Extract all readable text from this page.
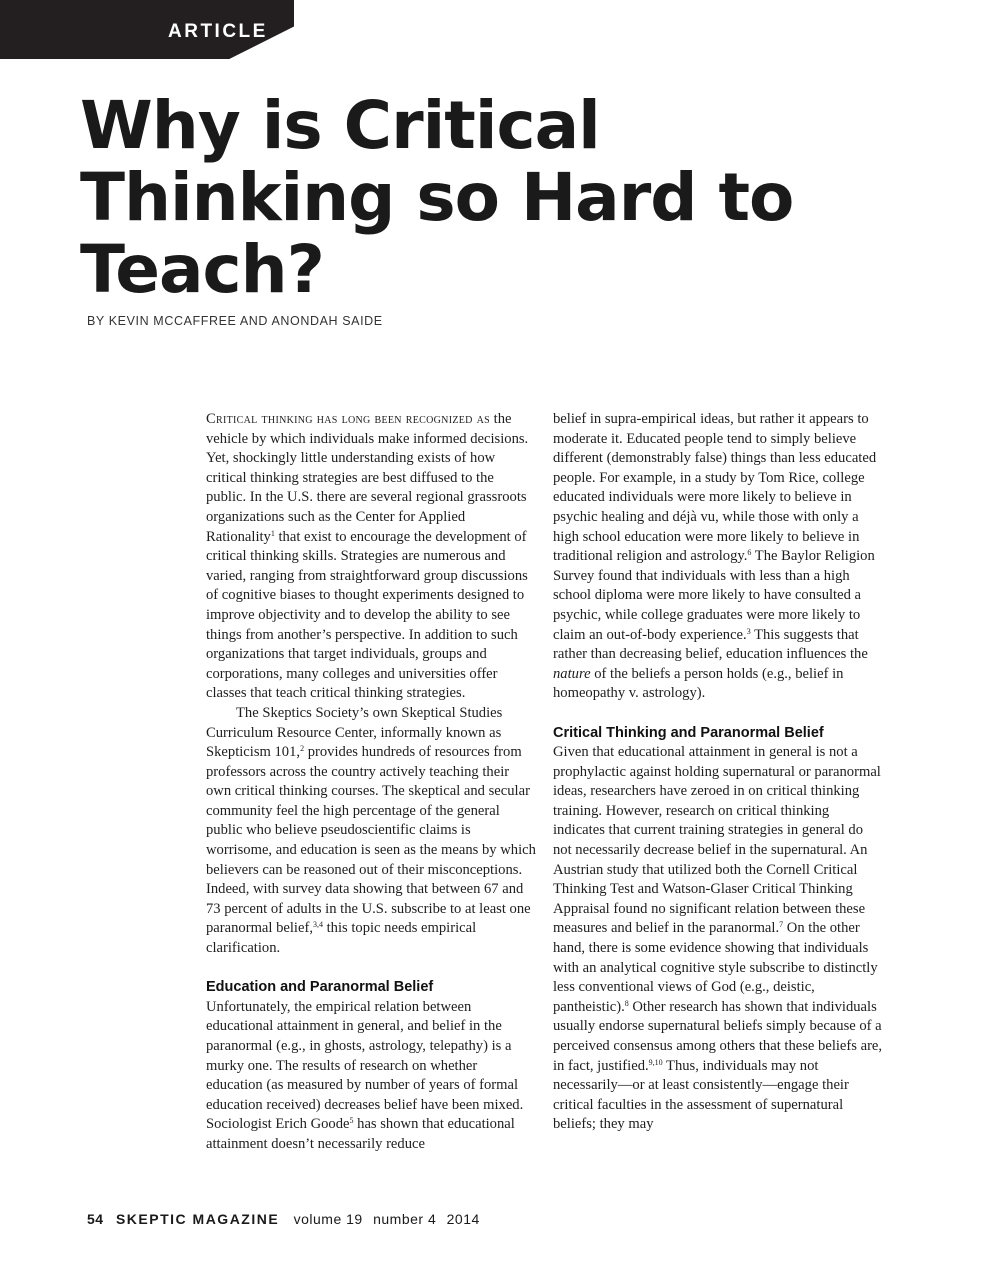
ARTICLE
Why is Critical
Thinking so Hard to
Teach?
BY KEVIN MCCAFFREE AND ANONDAH SAIDE

Critical thinking has long been recognized as the vehicle by which individuals make informed decisions. Yet, shockingly little understanding exists of how critical thinking strategies are best diffused to the public. In the U.S. there are several regional grassroots organizations such as the Center for Applied Rationality$^1$ that exist to encourage the development of critical thinking skills. Strategies are numerous and varied, ranging from straightforward group discussions of cognitive biases to thought experiments designed to improve objectivity and to develop the ability to see things from another’s perspective. In addition to such organizations that target individuals, groups and corporations, many colleges and universities offer classes that teach critical thinking strategies.

The Skeptics Society’s own Skeptical Studies Curriculum Resource Center, informally known as Skepticism 101,$^2$ provides hundreds of resources from professors across the country actively teaching their own critical thinking courses. The skeptical and secular community feel the high percentage of the general public who believe pseudoscientific claims is worrisome, and education is seen as the means by which believers can be reasoned out of their misconceptions. Indeed, with survey data showing that between 67 and 73 percent of adults in the U.S. subscribe to at least one paranormal belief,$^{3,4}$ this topic needs empirical clarification.

Education and Paranormal Belief

Unfortunately, the empirical relation between educational attainment in general, and belief in the paranormal (e.g., in ghosts, astrology, telepathy) is a murky one. The results of research on whether education (as measured by number of years of formal education received) decreases belief have been mixed. Sociologist Erich Goode$^5$ has shown that educational attainment doesn’t necessarily reduce

belief in supra-empirical ideas, but rather it appears to moderate it. Educated people tend to simply believe different (demonstrably false) things than less educated people. For example, in a study by Tom Rice, college educated individuals were more likely to believe in psychic healing and déjà vu, while those with only a high school education were more likely to believe in traditional religion and astrology.$^6$ The Baylor Religion Survey found that individuals with less than a high school diploma were more likely to have consulted a psychic, while college graduates were more likely to claim an out-of-body experience.$^3$ This suggests that rather than decreasing belief, education influences the nature of the beliefs a person holds (e.g., belief in homeopathy v. astrology).

Critical Thinking and Paranormal Belief

Given that educational attainment in general is not a prophylactic against holding supernatural or paranormal ideas, researchers have zeroed in on critical thinking training. However, research on critical thinking indicates that current training strategies in general do not necessarily decrease belief in the supernatural. An Austrian study that utilized both the Cornell Critical Thinking Test and Watson-Glaser Critical Thinking Appraisal found no significant relation between these measures and belief in the paranormal.$^7$ On the other hand, there is some evidence showing that individuals with an analytical cognitive style subscribe to distinctly less conventional views of God (e.g., deistic, pantheistic).$^8$ Other research has shown that individuals usually endorse supernatural beliefs simply because of a perceived consensus among others that these beliefs are, in fact, justified.$^{9,10}$ Thus, individuals may not necessarily—or at least consistently—engage their critical faculties in the assessment of supernatural beliefs; they may

54 SKEPTIC MAGAZINE volume 19 number 4 2014
